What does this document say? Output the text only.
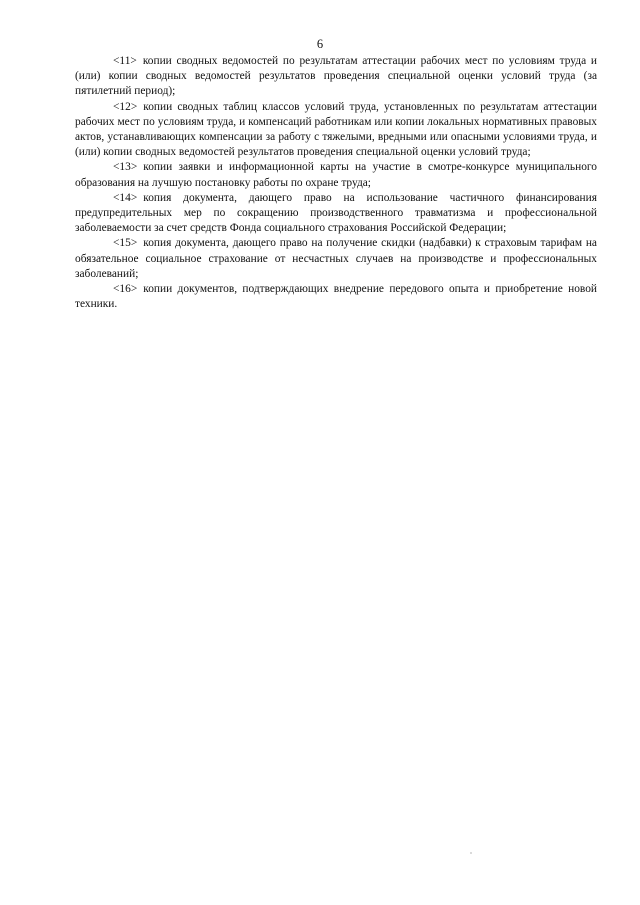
6

<11> копии сводных ведомостей по результатам аттестации рабочих мест по условиям труда и (или) копии сводных ведомостей результатов проведения специальной оценки условий труда (за пятилетний период);

<12> копии сводных таблиц классов условий труда, установленных по результатам аттестации рабочих мест по условиям труда, и компенсаций работникам или копии локальных нормативных правовых актов, устанавливающих компенсации за работу с тяжелыми, вредными или опасными условиями труда, и (или) копии сводных ведомостей результатов проведения специальной оценки условий труда;

<13> копии заявки и информационной карты на участие в смотре-конкурсе муниципального образования на лучшую постановку работы по охране труда;

<14> копия документа, дающего право на использование частичного финансирования предупредительных мер по сокращению производственного травматизма и профессиональной заболеваемости за счет средств Фонда социального страхования Российской Федерации;

<15> копия документа, дающего право на получение скидки (надбавки) к страховым тарифам на обязательное социальное страхование от несчастных случаев на производстве и профессиональных заболеваний;

<16> копии документов, подтверждающих внедрение передового опыта и приобретение новой техники.
